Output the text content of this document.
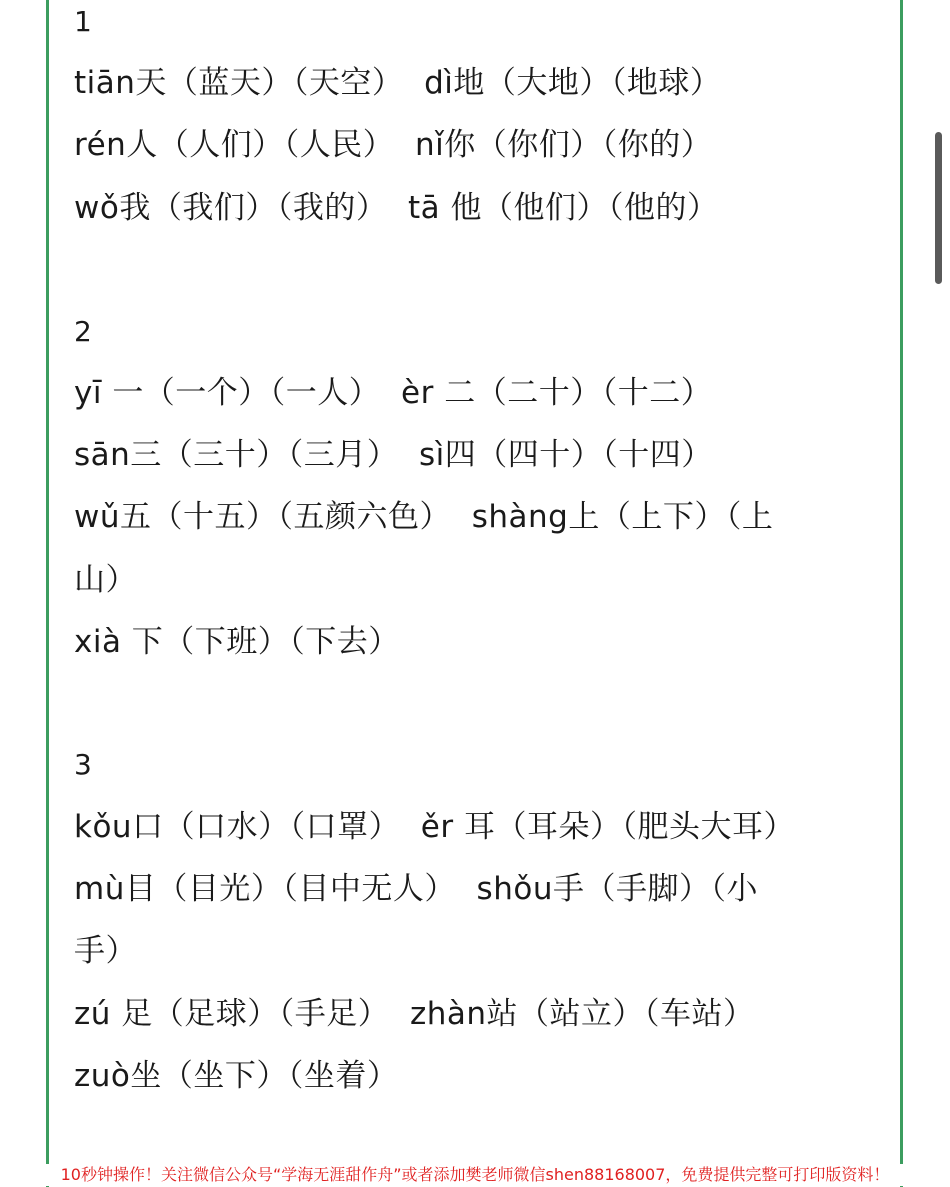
1
tiān天（蓝天）（天空）  dì地（大地）（地球）
rén人（人们）（人民）  nǐ你（你们）（你的）
wǒ我（我们）（我的）  tā 他（他们）（他的）
2
yī 一（一个）（一人）  èr 二（二十）（十二）
sān三（三十）（三月）  sì四（四十）（十四）
wǔ五（十五）（五颜六色）  shàng上（上下）（上
山）
xià 下（下班）（下去）
3
kǒu口（口水）（口罩）  ěr 耳（耳朵）（肥头大耳）
mù目（目光）（目中无人）  shǒu手（手脚）（小
手）
zú 足（足球）（手足）  zhàn站（站立）（车站）
zuò坐（坐下）（坐着）
10秒钟操作！关注微信公众号“学海无涯甜作舟”或者添加樊老师微信shen88168007，免费提供完整可打印版资料！
